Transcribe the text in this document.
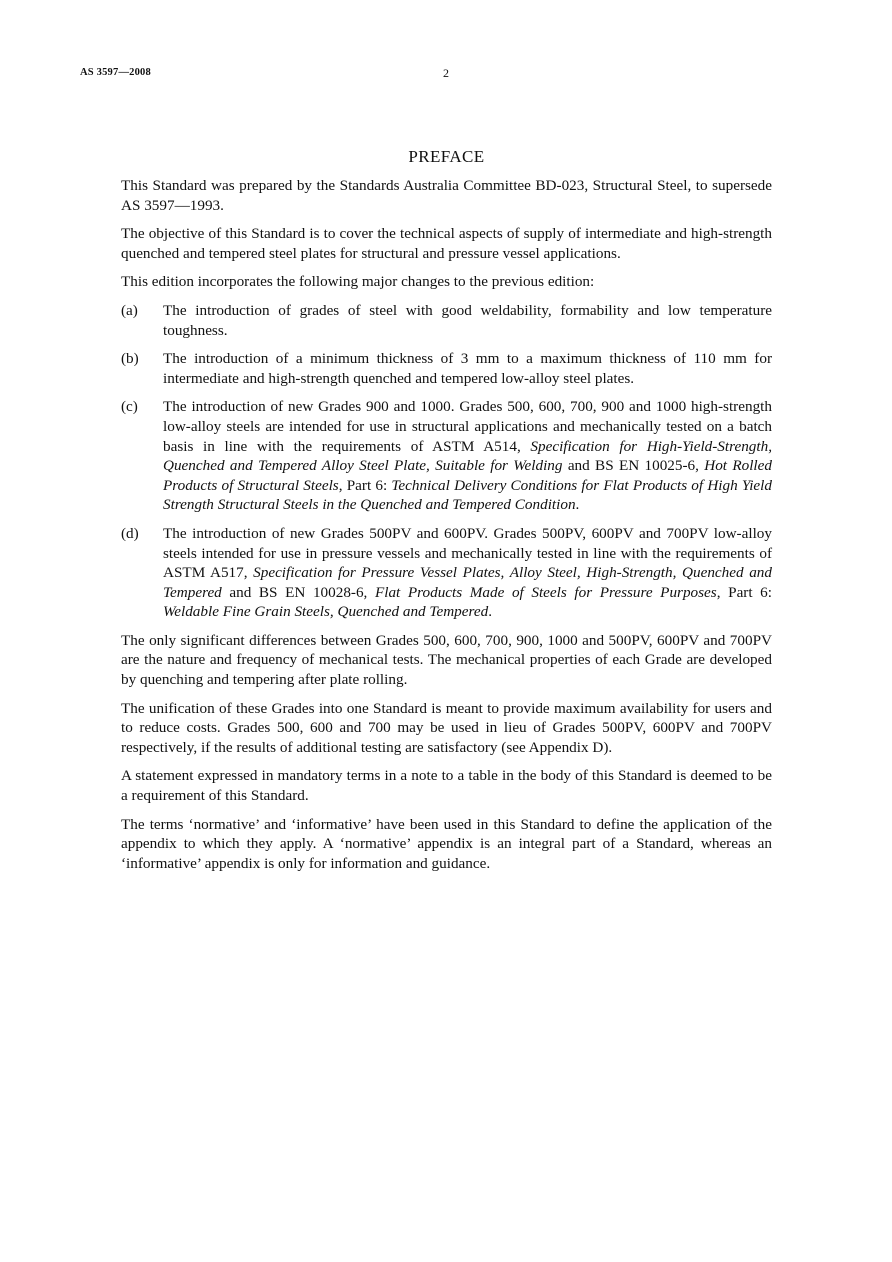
AS 3597—2008	2
PREFACE

This Standard was prepared by the Standards Australia Committee BD-023, Structural Steel, to supersede AS 3597—1993.

The objective of this Standard is to cover the technical aspects of supply of intermediate and high-strength quenched and tempered steel plates for structural and pressure vessel applications.

This edition incorporates the following major changes to the previous edition:

(a)	The introduction of grades of steel with good weldability, formability and low temperature toughness.
(b)	The introduction of a minimum thickness of 3 mm to a maximum thickness of 110 mm for intermediate and high-strength quenched and tempered low-alloy steel plates.
(c)	The introduction of new Grades 900 and 1000. Grades 500, 600, 700, 900 and 1000 high-strength low-alloy steels are intended for use in structural applications and mechanically tested on a batch basis in line with the requirements of ASTM A514, Specification for High-Yield-Strength, Quenched and Tempered Alloy Steel Plate, Suitable for Welding and BS EN 10025-6, Hot Rolled Products of Structural Steels, Part 6: Technical Delivery Conditions for Flat Products of High Yield Strength Structural Steels in the Quenched and Tempered Condition.
(d)	The introduction of new Grades 500PV and 600PV. Grades 500PV, 600PV and 700PV low-alloy steels intended for use in pressure vessels and mechanically tested in line with the requirements of ASTM A517, Specification for Pressure Vessel Plates, Alloy Steel, High-Strength, Quenched and Tempered and BS EN 10028-6, Flat Products Made of Steels for Pressure Purposes, Part 6: Weldable Fine Grain Steels, Quenched and Tempered.

The only significant differences between Grades 500, 600, 700, 900, 1000 and 500PV, 600PV and 700PV are the nature and frequency of mechanical tests. The mechanical properties of each Grade are developed by quenching and tempering after plate rolling.

The unification of these Grades into one Standard is meant to provide maximum availability for users and to reduce costs. Grades 500, 600 and 700 may be used in lieu of Grades 500PV, 600PV and 700PV respectively, if the results of additional testing are satisfactory (see Appendix D).

A statement expressed in mandatory terms in a note to a table in the body of this Standard is deemed to be a requirement of this Standard.

The terms ‘normative’ and ‘informative’ have been used in this Standard to define the application of the appendix to which they apply. A ‘normative’ appendix is an integral part of a Standard, whereas an ‘informative’ appendix is only for information and guidance.
